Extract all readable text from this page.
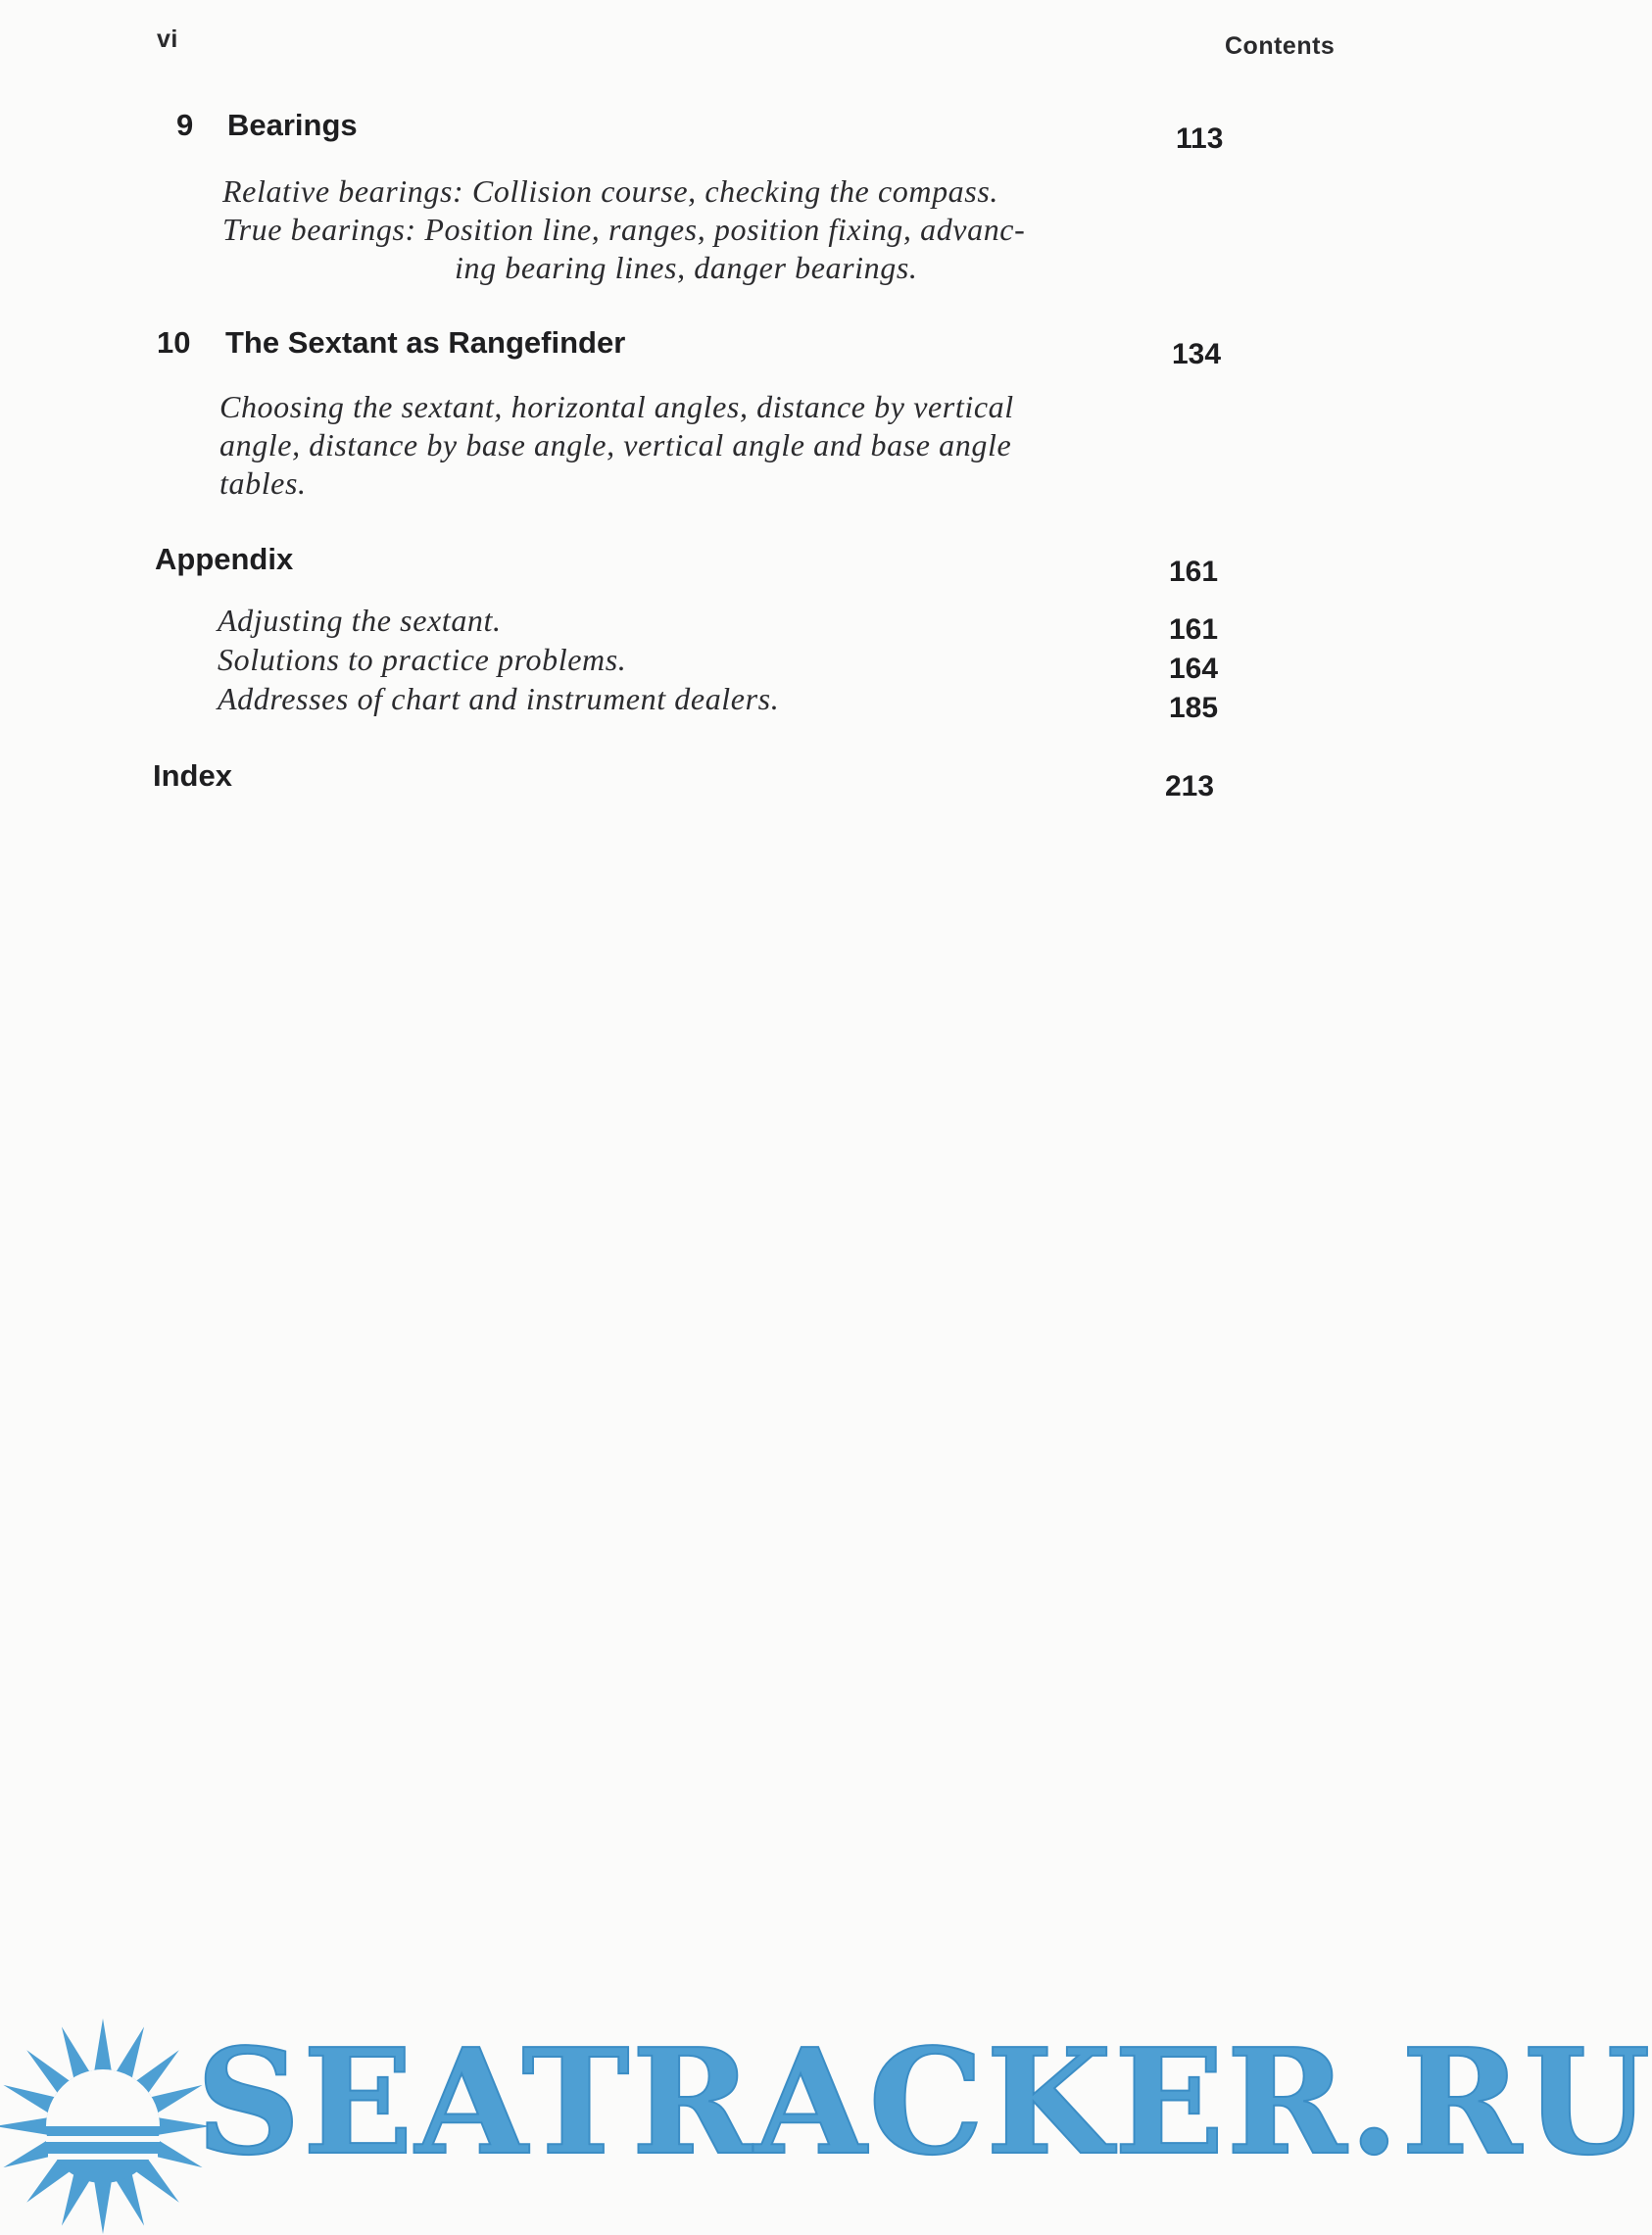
vi	Contents
9 Bearings	113
Relative bearings: Collision course, checking the compass.
True bearings: Position line, ranges, position fixing, advanc-
ing bearing lines, danger bearings.
10 The Sextant as Rangefinder	134
Choosing the sextant, horizontal angles, distance by vertical
angle, distance by base angle, vertical angle and base angle
tables.
Appendix	161
Adjusting the sextant.	161
Solutions to practice problems.	164
Addresses of chart and instrument dealers.	185
Index	213
SEATRACKER.RU
